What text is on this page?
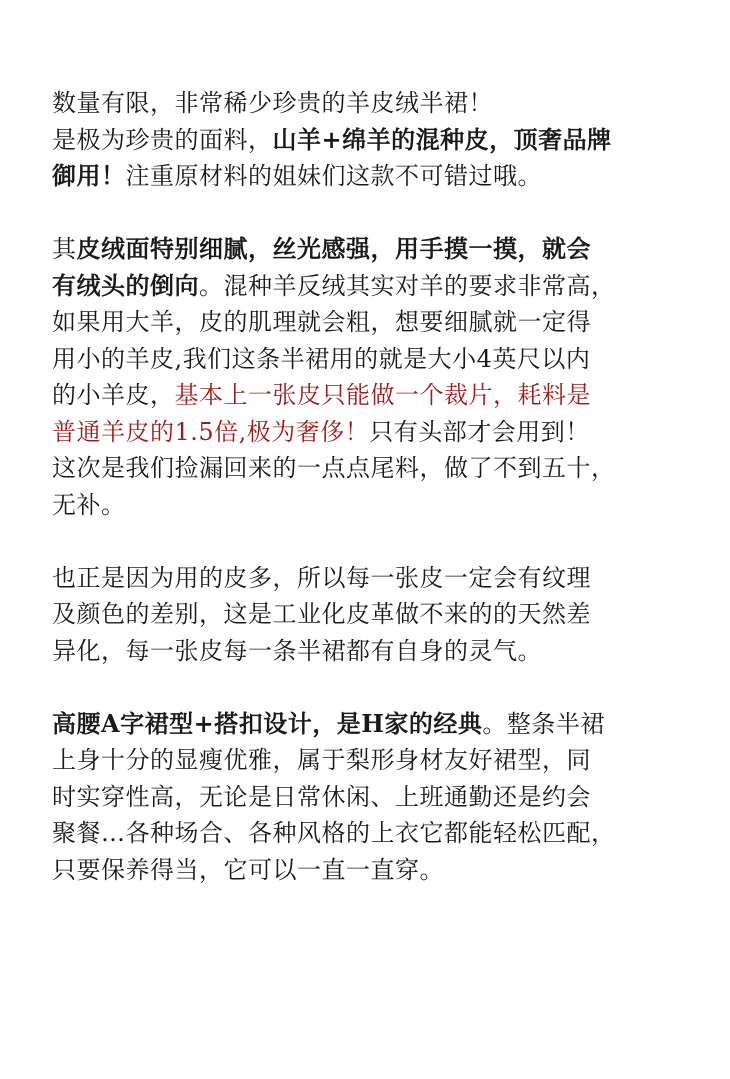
数量有限，非常稀少珍贵的羊皮绒半裙！
是极为珍贵的面料，山羊+绵羊的混种皮，顶奢品牌
御用！注重原材料的姐妹们这款不可错过哦。

其皮绒面特别细腻，丝光感强，用手摸一摸，就会
有绒头的倒向。混种羊反绒其实对羊的要求非常高，
如果用大羊，皮的肌理就会粗，想要细腻就一定得
用小的羊皮,我们这条半裙用的就是大小4英尺以内
的小羊皮，基本上一张皮只能做一个裁片，耗料是
普通羊皮的1.5倍,极为奢侈！只有头部才会用到！
这次是我们捡漏回来的一点点尾料，做了不到五十，
无补。

也正是因为用的皮多，所以每一张皮一定会有纹理
及颜色的差别，这是工业化皮革做不来的的天然差
异化，每一张皮每一条半裙都有自身的灵气。

高腰A字裙型+搭扣设计，是H家的经典。整条半裙
上身十分的显瘦优雅，属于梨形身材友好裙型，同
时实穿性高，无论是日常休闲、上班通勤还是约会
聚餐…各种场合、各种风格的上衣它都能轻松匹配，
只要保养得当，它可以一直一直穿。
